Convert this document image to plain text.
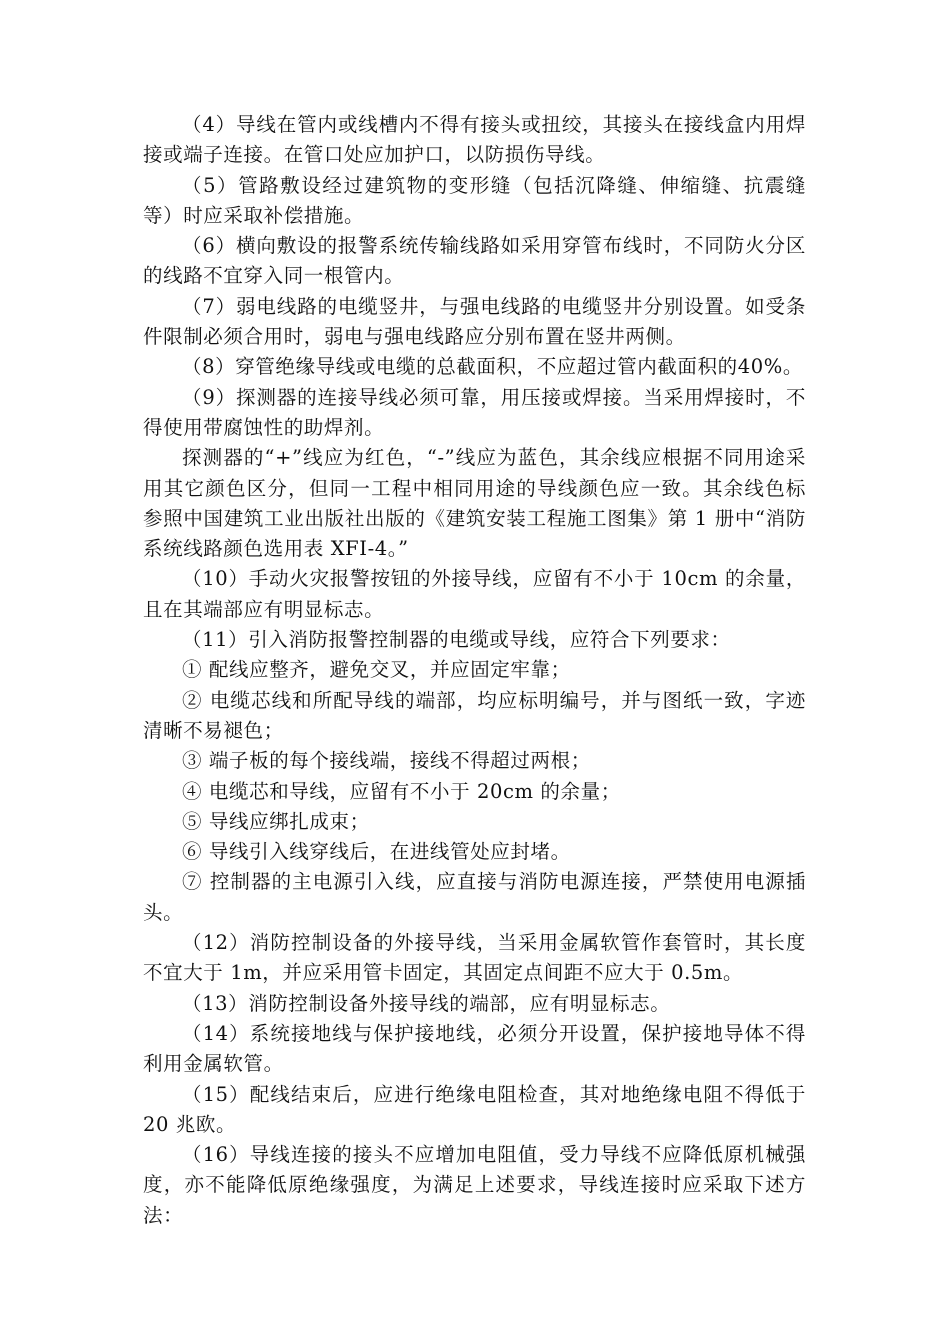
（4）导线在管内或线槽内不得有接头或扭绞，其接头在接线盒内用焊接或端子连接。在管口处应加护口，以防损伤导线。

（5）管路敷设经过建筑物的变形缝（包括沉降缝、伸缩缝、抗震缝等）时应采取补偿措施。

（6）横向敷设的报警系统传输线路如采用穿管布线时，不同防火分区的线路不宜穿入同一根管内。

（7）弱电线路的电缆竖井，与强电线路的电缆竖井分别设置。如受条件限制必须合用时，弱电与强电线路应分别布置在竖井两侧。

（8）穿管绝缘导线或电缆的总截面积，不应超过管内截面积的40%。

（9）探测器的连接导线必须可靠，用压接或焊接。当采用焊接时，不得使用带腐蚀性的助焊剂。

探测器的“+”线应为红色，“-”线应为蓝色，其余线应根据不同用途采用其它颜色区分，但同一工程中相同用途的导线颜色应一致。其余线色标参照中国建筑工业出版社出版的《建筑安装工程施工图集》第 1 册中“消防系统线路颜色选用表 XFI-4。”

（10）手动火灾报警按钮的外接导线，应留有不小于 10cm 的余量，且在其端部应有明显标志。

（11）引入消防报警控制器的电缆或导线，应符合下列要求：

① 配线应整齐，避免交叉，并应固定牢靠；

② 电缆芯线和所配导线的端部，均应标明编号，并与图纸一致，字迹清晰不易褪色；

③ 端子板的每个接线端，接线不得超过两根；

④ 电缆芯和导线，应留有不小于 20cm 的余量；

⑤ 导线应绑扎成束；

⑥ 导线引入线穿线后，在进线管处应封堵。

⑦ 控制器的主电源引入线，应直接与消防电源连接，严禁使用电源插头。

（12）消防控制设备的外接导线，当采用金属软管作套管时，其长度不宜大于 1m，并应采用管卡固定，其固定点间距不应大于 0.5m。

（13）消防控制设备外接导线的端部，应有明显标志。

（14）系统接地线与保护接地线，必须分开设置，保护接地导体不得利用金属软管。

（15）配线结束后，应进行绝缘电阻检查，其对地绝缘电阻不得低于 20 兆欧。

（16）导线连接的接头不应增加电阻值，受力导线不应降低原机械强度，亦不能降低原绝缘强度，为满足上述要求，导线连接时应采取下述方法：
